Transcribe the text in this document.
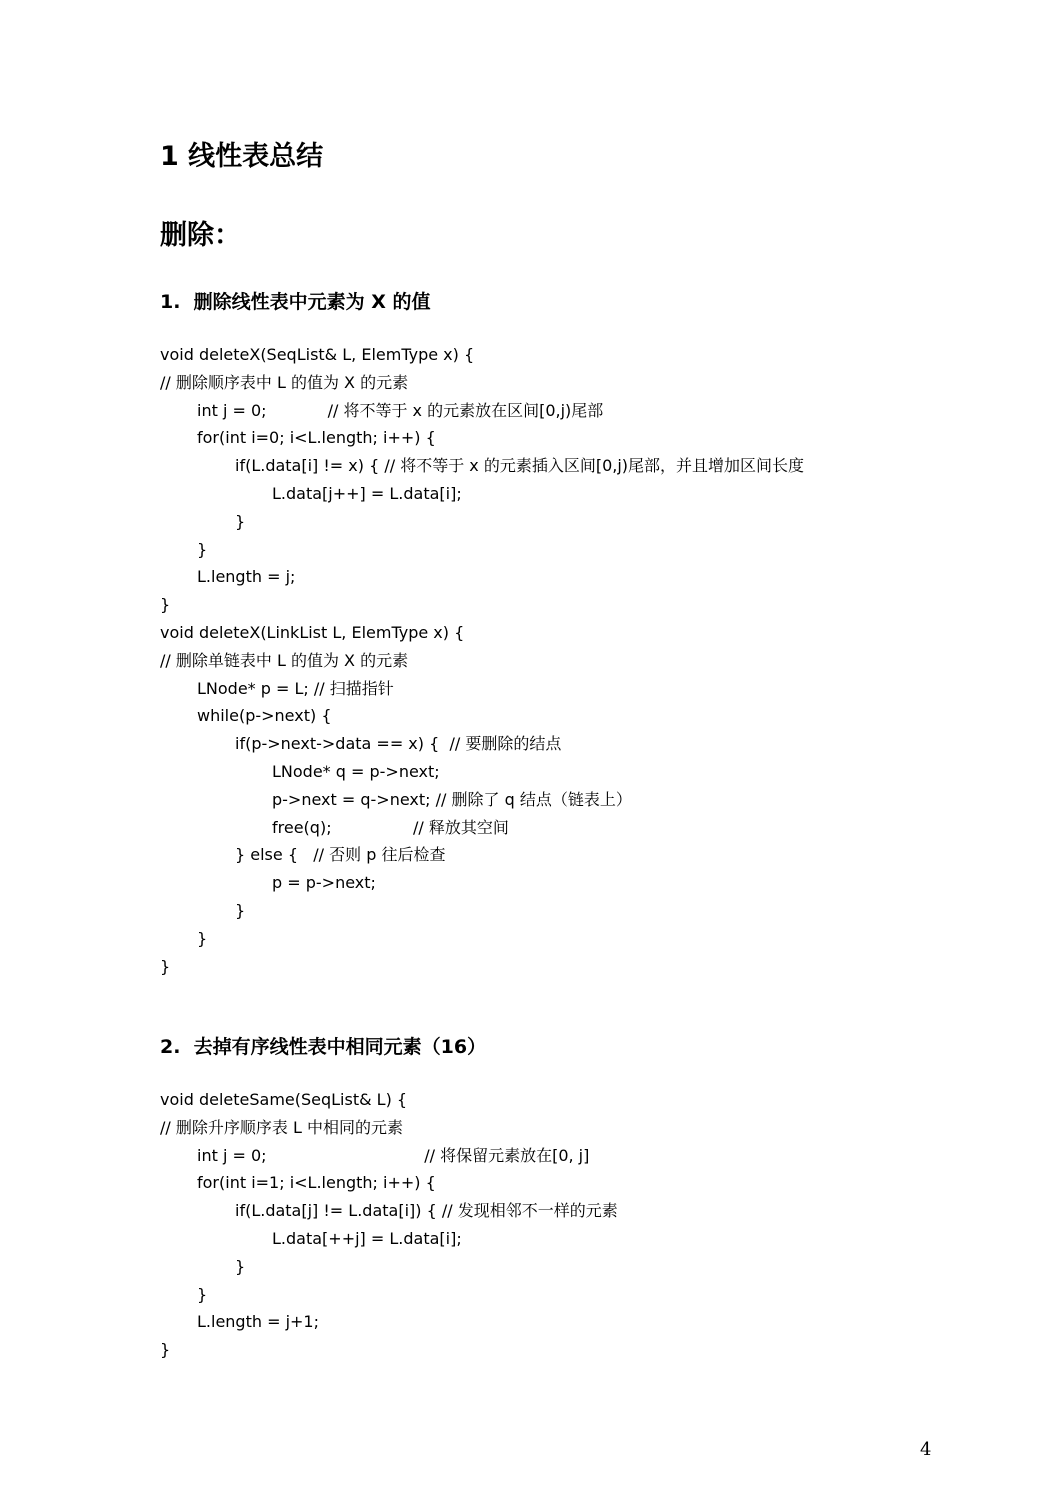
1 线性表总结
删除：
1.  删除线性表中元素为 X 的值
void deleteX(SeqList& L, ElemType x) {
// 删除顺序表中 L 的值为 X 的元素
int j = 0;            // 将不等于 x 的元素放在区间[0,j)尾部
for(int i=0; i<L.length; i++) {
if(L.data[i] != x) { // 将不等于 x 的元素插入区间[0,j)尾部，并且增加区间长度
L.data[j++] = L.data[i];
}
}
L.length = j;
}
void deleteX(LinkList L, ElemType x) {
// 删除单链表中 L 的值为 X 的元素
LNode* p = L; // 扫描指针
while(p->next) {
if(p->next->data == x) {  // 要删除的结点
LNode* q = p->next;
p->next = q->next; // 删除了 q 结点（链表上）
free(q);                // 释放其空间
} else {   // 否则 p 往后检查
p = p->next;
}
}
}
2.  去掉有序线性表中相同元素（16）
void deleteSame(SeqList& L) {
// 删除升序顺序表 L 中相同的元素
int j = 0;                               // 将保留元素放在[0, j]
for(int i=1; i<L.length; i++) {
if(L.data[j] != L.data[i]) { // 发现相邻不一样的元素
L.data[++j] = L.data[i];
}
}
L.length = j+1;
}
4
